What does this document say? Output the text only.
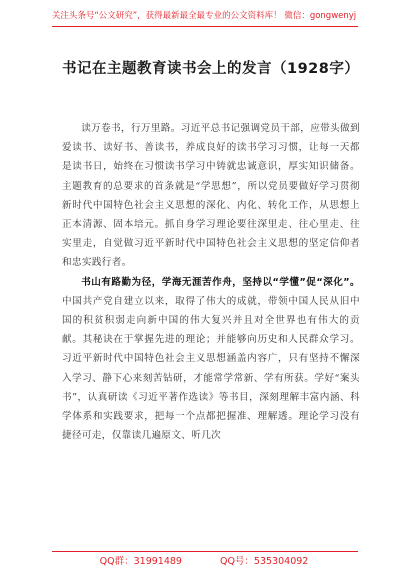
关注头条号“公文研究”，获得最新最全最专业的公文资料库！ 微信：gongwenyj
书记在主题教育读书会上的发言（1928字）

读万卷书，行万里路。习近平总书记强调党员干部，应带头做到爱读书、读好书、善读书，养成良好的读书学习习惯，让每一天都是读书日，始终在习惯读书学习中铸就忠诚意识，厚实知识储备。主题教育的总要求的首条就是“学思想”，所以党员要做好学习贯彻新时代中国特色社会主义思想的深化、内化、转化工作，从思想上正本清源、固本培元。抓自身学习理论要往深里走、往心里走、往实里走，自觉做习近平新时代中国特色社会主义思想的坚定信仰者和忠实践行者。

书山有路勤为径，学海无涯苦作舟，坚持以“学懂”促“深化”。中国共产党自建立以来，取得了伟大的成就，带领中国人民从旧中国的积贫积弱走向新中国的伟大复兴并且对全世界也有伟大的贡献。其秘诀在于掌握先进的理论；并能够向历史和人民群众学习。习近平新时代中国特色社会主义思想涵盖内容广，只有坚持不懈深入学习、静下心来刻苦钻研，才能常学常新、学有所获。学好“案头书”，认真研读《习近平著作选读》等书目，深刻理解丰富内涵、科学体系和实践要求，把每一个点都把握准、理解透。理论学习没有捷径可走，仅靠读几遍原文、听几次

QQ群：31991489	QQ号：535304092
